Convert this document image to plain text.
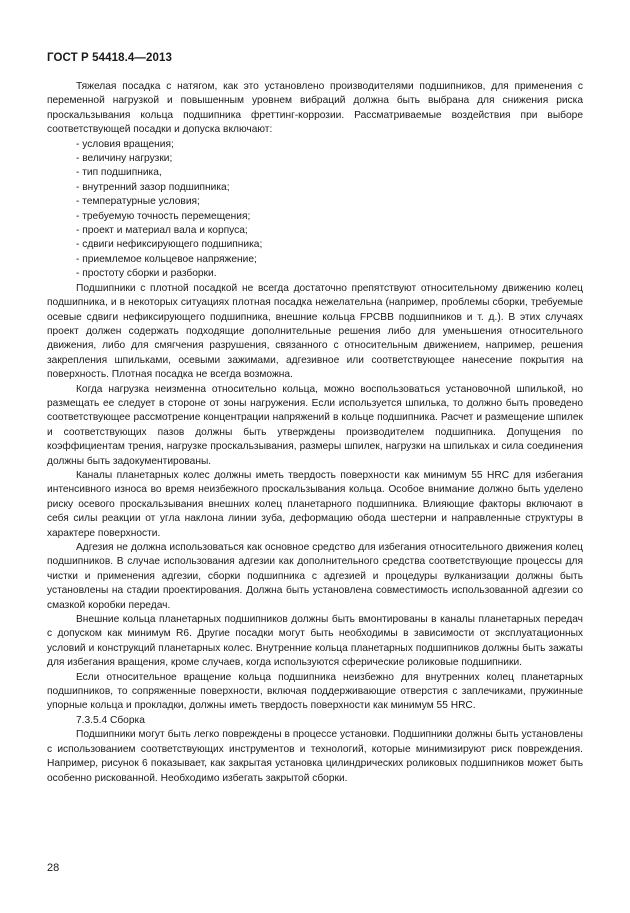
ГОСТ Р 54418.4—2013

Тяжелая посадка с натягом, как это установлено производителями подшипников, для применения с переменной нагрузкой и повышенным уровнем вибраций должна быть выбрана для снижения риска проскальзывания кольца подшипника фреттинг-коррозии. Рассматриваемые воздействия при выборе соответствующей посадки и допуска включают:

- условия вращения;
- величину нагрузки;
- тип подшипника,
- внутренний зазор подшипника;
- температурные условия;
- требуемую точность перемещения;
- проект и материал вала и корпуса;
- сдвиги нефиксирующего подшипника;
- приемлемое кольцевое напряжение;
- простоту сборки и разборки.

Подшипники с плотной посадкой не всегда достаточно препятствуют относительному движению колец подшипника, и в некоторых ситуациях плотная посадка нежелательна (например, проблемы сборки, требуемые осевые сдвиги нефиксирующего подшипника, внешние кольца FPCBB подшипников и т. д.). В этих случаях проект должен содержать подходящие дополнительные решения либо для уменьшения относительного движения, либо для смягчения разрушения, связанного с относительным движением, например, решения закрепления шпильками, осевыми зажимами, адгезивное или соответствующее нанесение покрытия на поверхность. Плотная посадка не всегда возможна.

Когда нагрузка неизменна относительно кольца, можно воспользоваться установочной шпилькой, но размещать ее следует в стороне от зоны нагружения. Если используется шпилька, то должно быть проведено соответствующее рассмотрение концентрации напряжений в кольце подшипника. Расчет и размещение шпилек и соответствующих пазов должны быть утверждены производителем подшипника. Допущения по коэффициентам трения, нагрузке проскальзывания, размеры шпилек, нагрузки на шпильках и сила соединения должны быть задокументированы.

Каналы планетарных колес должны иметь твердость поверхности как минимум 55 HRC для избегания интенсивного износа во время неизбежного проскальзывания кольца. Особое внимание должно быть уделено риску осевого проскальзывания внешних колец планетарного подшипника. Влияющие факторы включают в себя силы реакции от угла наклона линии зуба, деформацию обода шестерни и направленные структуры в характере поверхности.

Адгезия не должна использоваться как основное средство для избегания относительного движения колец подшипников. В случае использования адгезии как дополнительного средства соответствующие процессы для чистки и применения адгезии, сборки подшипника с адгезией и процедуры вулканизации должны быть установлены на стадии проектирования. Должна быть установлена совместимость использованной адгезии со смазкой коробки передач.

Внешние кольца планетарных подшипников должны быть вмонтированы в каналы планетарных передач с допуском как минимум R6. Другие посадки могут быть необходимы в зависимости от эксплуатационных условий и конструкций планетарных колес. Внутренние кольца планетарных подшипников должны быть зажаты для избегания вращения, кроме случаев, когда используются сферические роликовые подшипники.

Если относительное вращение кольца подшипника неизбежно для внутренних колец планетарных подшипников, то сопряженные поверхности, включая поддерживающие отверстия с заплечиками, пружинные упорные кольца и прокладки, должны иметь твердость поверхности как минимум 55 HRC.

7.3.5.4 Сборка

Подшипники могут быть легко повреждены в процессе установки. Подшипники должны быть установлены с использованием соответствующих инструментов и технологий, которые минимизируют риск повреждения. Например, рисунок 6 показывает, как закрытая установка цилиндрических роликовых подшипников может быть особенно рискованной. Необходимо избегать закрытой сборки.

28
